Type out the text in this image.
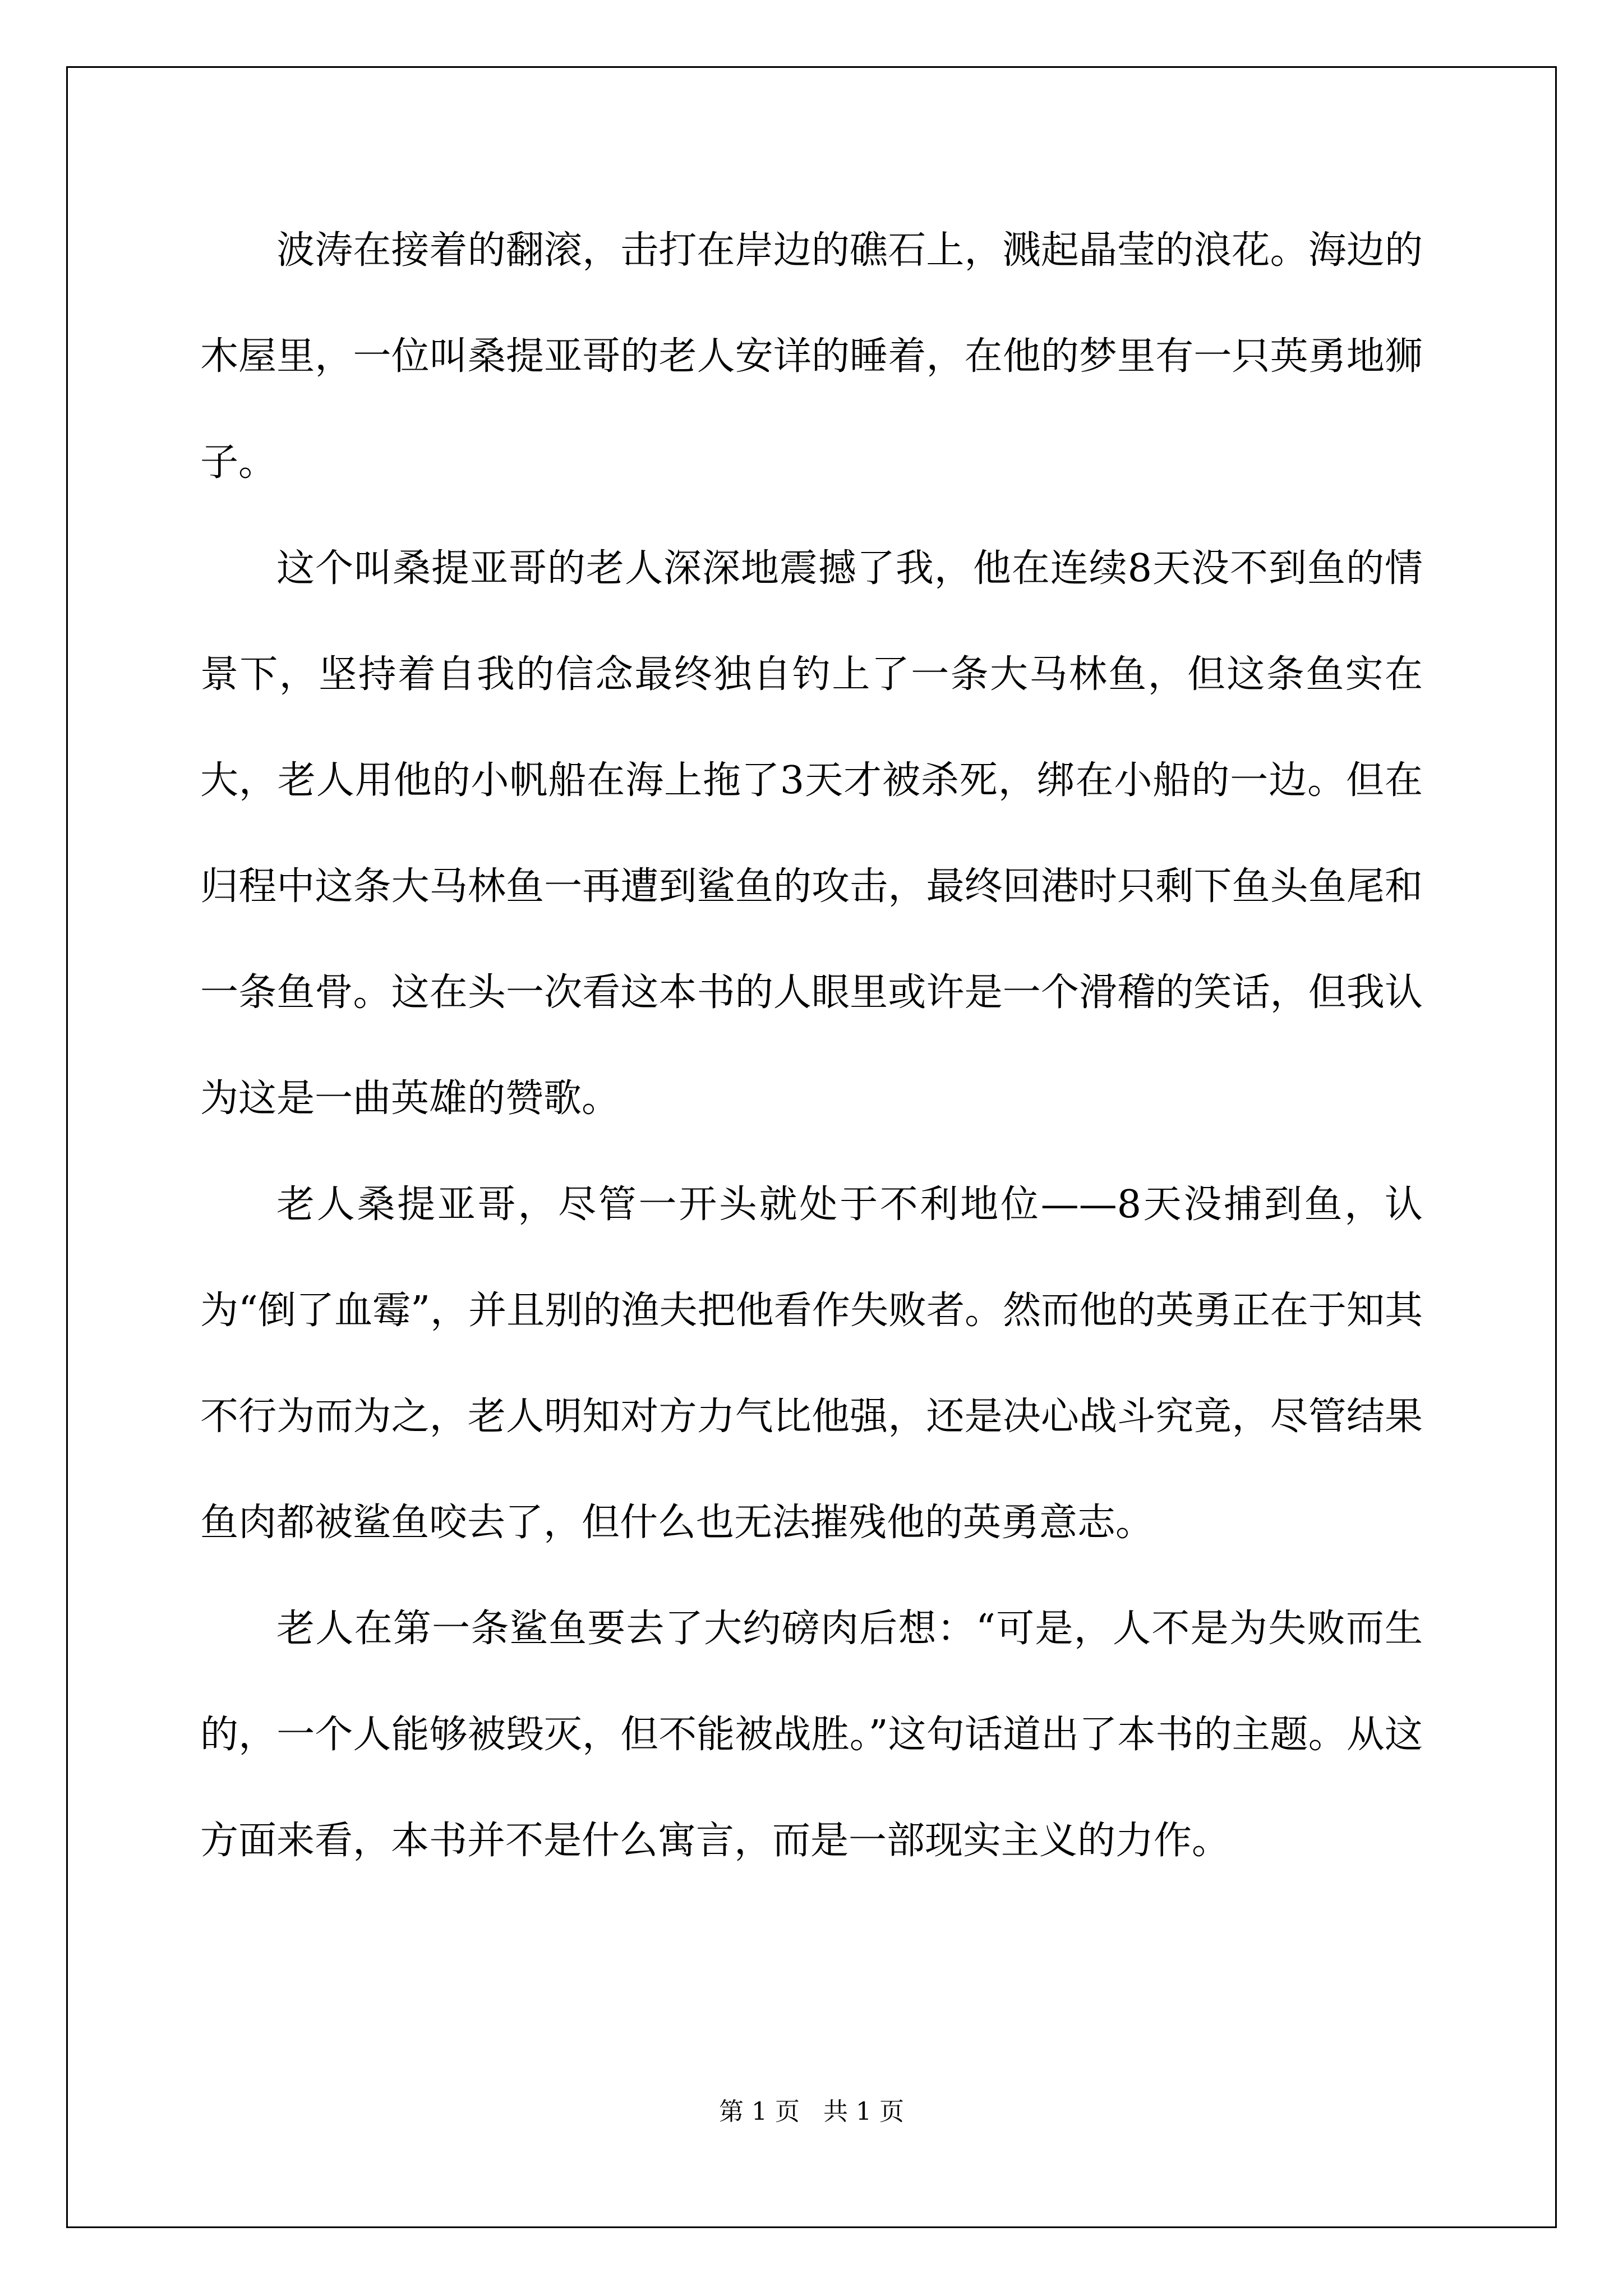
波涛在接着的翻滚，击打在岸边的礁石上，溅起晶莹的浪花。海边的木屋里，一位叫桑提亚哥的老人安详的睡着，在他的梦里有一只英勇地狮子。

这个叫桑提亚哥的老人深深地震撼了我，他在连续8天没不到鱼的情景下，坚持着自我的信念最终独自钓上了一条大马林鱼，但这条鱼实在大，老人用他的小帆船在海上拖了3天才被杀死，绑在小船的一边。但在归程中这条大马林鱼一再遭到鲨鱼的攻击，最终回港时只剩下鱼头鱼尾和一条鱼骨。这在头一次看这本书的人眼里或许是一个滑稽的笑话，但我认为这是一曲英雄的赞歌。

老人桑提亚哥，尽管一开头就处于不利地位——8天没捕到鱼，认为“倒了血霉”，并且别的渔夫把他看作失败者。然而他的英勇正在于知其不行为而为之，老人明知对方力气比他强，还是决心战斗究竟，尽管结果鱼肉都被鲨鱼咬去了，但什么也无法摧残他的英勇意志。

老人在第一条鲨鱼要去了大约磅肉后想：“可是，人不是为失败而生的，一个人能够被毁灭，但不能被战胜。”这句话道出了本书的主题。从这方面来看，本书并不是什么寓言，而是一部现实主义的力作。

第 1 页   共 1 页
